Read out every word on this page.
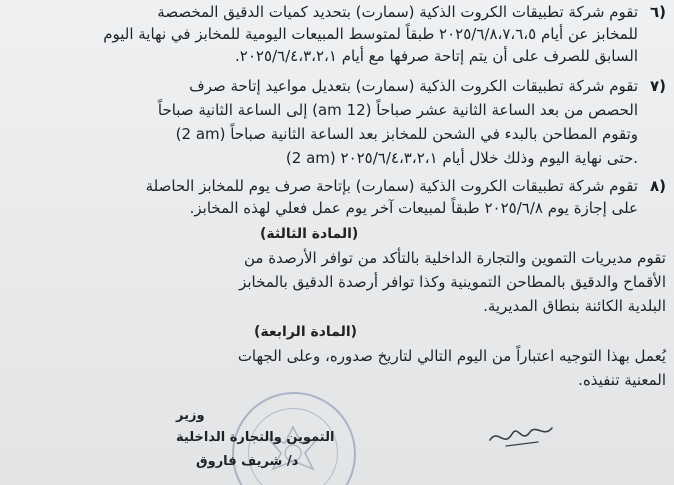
٦)
تقوم شركة تطبيقات الكروت الذكية (سمارت) بتحديد كميات الدقيق المخصصة
للمخابز عن أيام ٢٠٢٥/٦/٨،٧،٦،٥ طبقاً لمتوسط المبيعات اليومية للمخابز في نهاية اليوم
السابق للصرف على أن يتم إتاحة صرفها مع أيام ٢٠٢٥/٦/٤،٣،٢،١.
٧)
تقوم شركة تطبيقات الكروت الذكية (سمارت) بتعديل مواعيد إتاحة صرف
الحصص من بعد الساعة الثانية عشر صباحاً (12 am) إلى الساعة الثانية صباحاً
(2 am) وتقوم المطاحن بالبدء في الشحن للمخابز بعد الساعة الثانية صباحاً
(2 am) حتى نهاية اليوم وذلك خلال أيام ٢٠٢٥/٦/٤،٣،٢،١.
٨)
تقوم شركة تطبيقات الكروت الذكية (سمارت) بإتاحة صرف يوم للمخابز الحاصلة
على إجازة يوم ٢٠٢٥/٦/٨ طبقاً لمبيعات آخر يوم عمل فعلي لهذه المخابز.
(المادة الثالثة)
تقوم مديريات التموين والتجارة الداخلية بالتأكد من توافر الأرصدة من
الأقماح والدقيق بالمطاحن التموينية وكذا توافر أرصدة الدقيق بالمخابز
البلدية الكائنة بنطاق المديرية.
(المادة الرابعة)
يُعمل بهذا التوجيه اعتباراً من اليوم التالي لتاريخ صدوره، وعلى الجهات
المعنية تنفيذه.
وزير
التموين والتجارة الداخلية
د/ شريف فاروق
